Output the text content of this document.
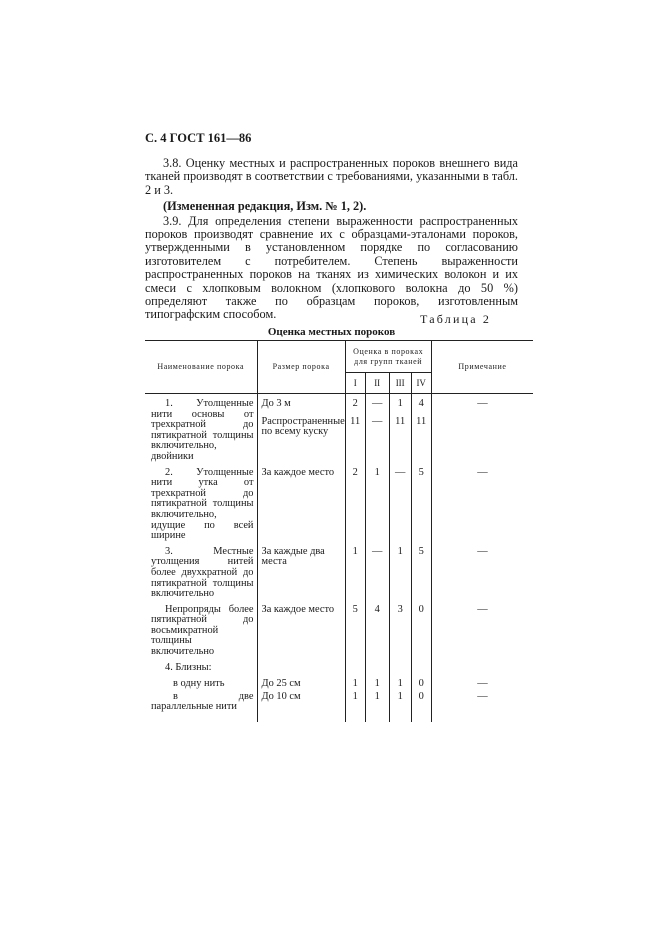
С. 4 ГОСТ 161—86

3.8. Оценку местных и распространенных пороков внешнего вида тканей производят в соответствии с требованиями, указанными в табл. 2 и 3.

(Измененная редакция, Изм. № 1, 2).

3.9. Для определения степени выраженности распространенных пороков производят сравнение их с образцами-эталонами пороков, утвержденными в установленном порядке по согласованию изготовителем с потребителем. Степень выраженности распространенных пороков на тканях из химических волокон и их смеси с хлопковым волокном (хлопкового волокна до 50 %) определяют также по образцам пороков, изготовленным типографским способом.	Таблица 2
Оценка местных пороков
Наименование порока	Размер порока	Оценка в пороках для групп тканей				Примечание
		I	II	III	IV	

1. Утолщенные нити основы от трехкратной до пятикратной толщины включительно, двойники	До 3 м	2	—	1	4	—
	Распространенные по всему куску	11	—	11	11	

2. Утолщенные нити утка от трехкратной до пятикратной толщины включительно, идущие по всей ширине	За каждое место	2	1	—	5	—

3. Местные утолщения нитей более двухкратной до пятикратной толщины включительно	За каждые два места	1	—	1	5	—

Непропряды более пятикратной до восьмикратной толщины включительно	За каждое место	5	4	3	0	—

4. Близны:						

в одну нить	До 25 см	1	1	1	0	—

в две параллельные нити	До 10 см	1	1	1	0	—
